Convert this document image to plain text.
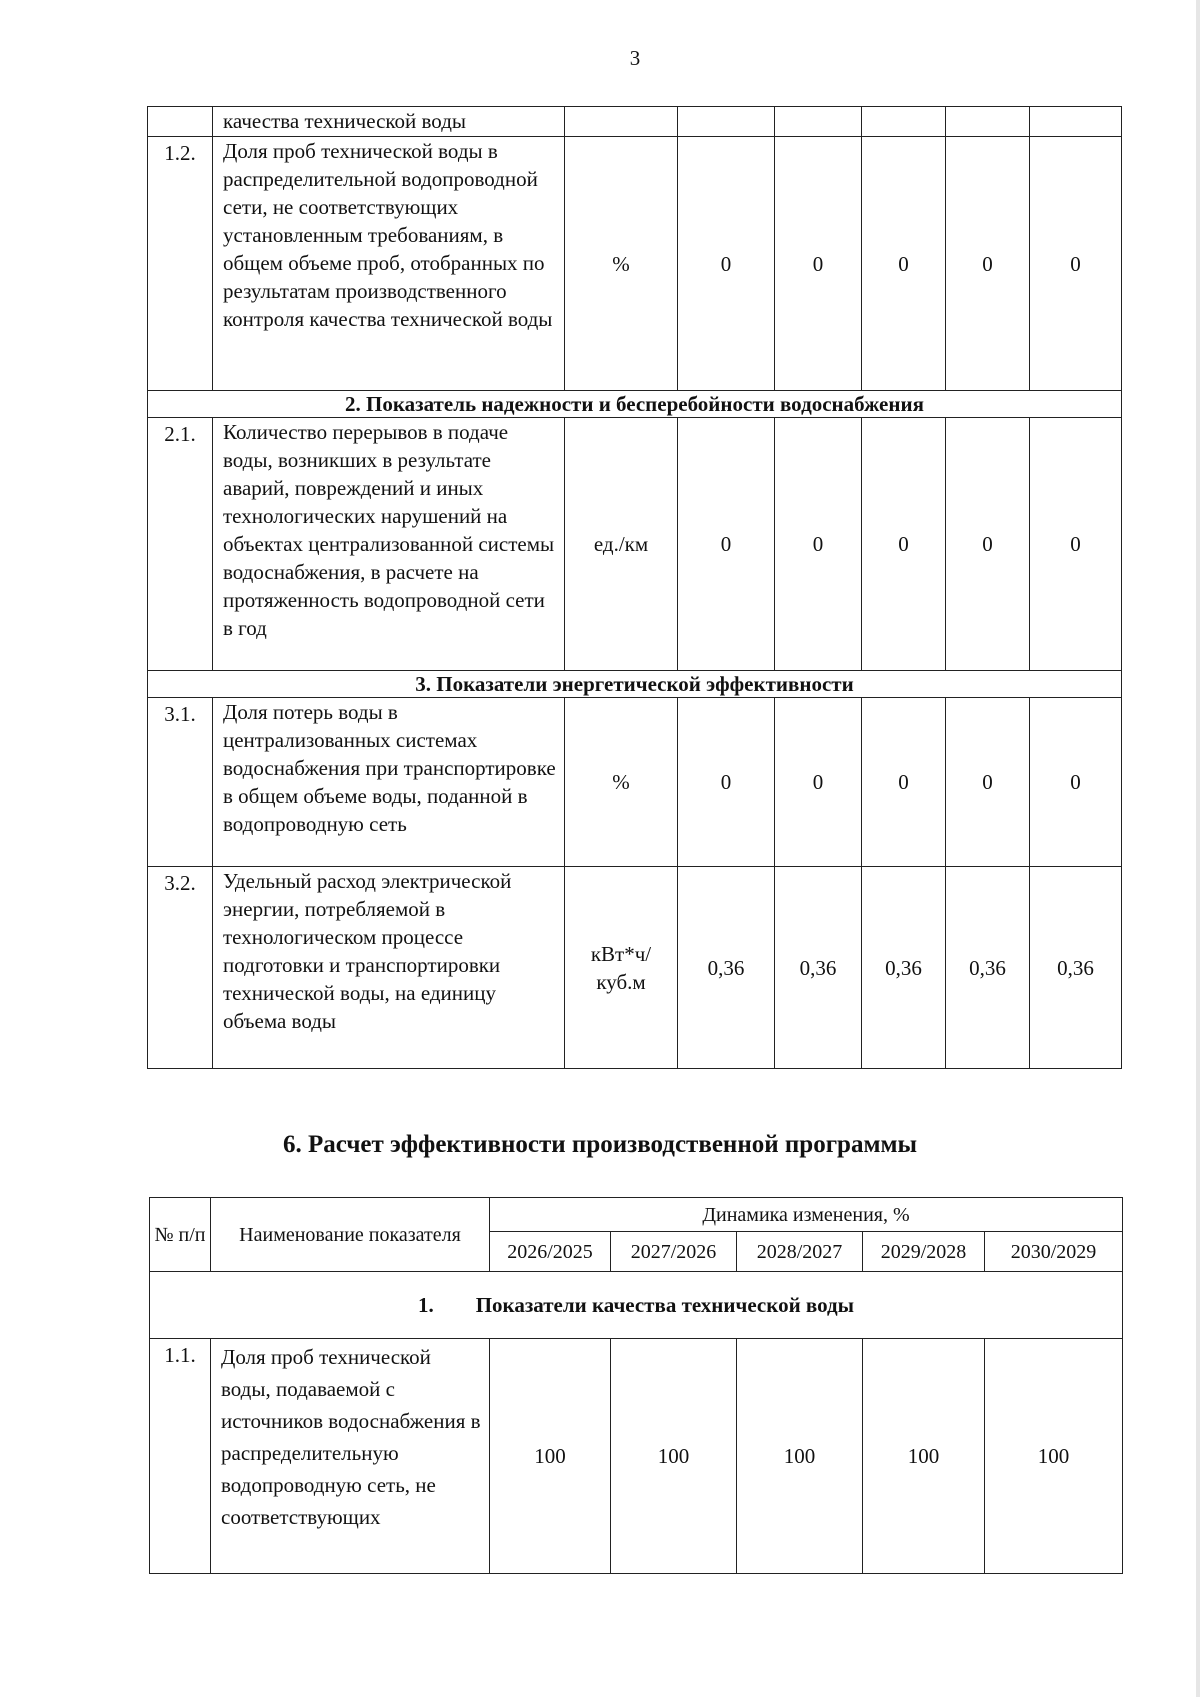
3
	качества технической воды						
1.2.	Доля проб технической воды в распределительной водопроводной сети, не соответствующих установленным требованиям, в общем объеме проб, отобранных по результатам производственного контроля качества технической воды	%	0	0	0	0	0
2. Показатель надежности и бесперебойности водоснабжения							
2.1.	Количество перерывов в подаче воды, возникших в результате аварий, повреждений и иных технологических нарушений на объектах централизованной системы водоснабжения, в расчете на протяженность водопроводной сети в год	ед./км	0	0	0	0	0
3. Показатели энергетической эффективности							
3.1.	Доля потерь воды в централизованных системах водоснабжения при транспортировке в общем объеме воды, поданной в водопроводную сеть	%	0	0	0	0	0
3.2.	Удельный расход электрической энергии, потребляемой в технологическом процессе подготовки и транспортировки технической воды, на единицу объема воды	кВт*ч/ куб.м	0,36	0,36	0,36	0,36	0,36
6. Расчет эффективности производственной программы
№ п/п	Наименование показателя	Динамика изменения, %				
		2026/2025	2027/2026	2028/2027	2029/2028	2030/2029
1.        Показатели качества технической воды						
1.1.	Доля проб технической воды, подаваемой с источников водоснабжения в распределительную водопроводную сеть, не соответствующих	100	100	100	100	100
